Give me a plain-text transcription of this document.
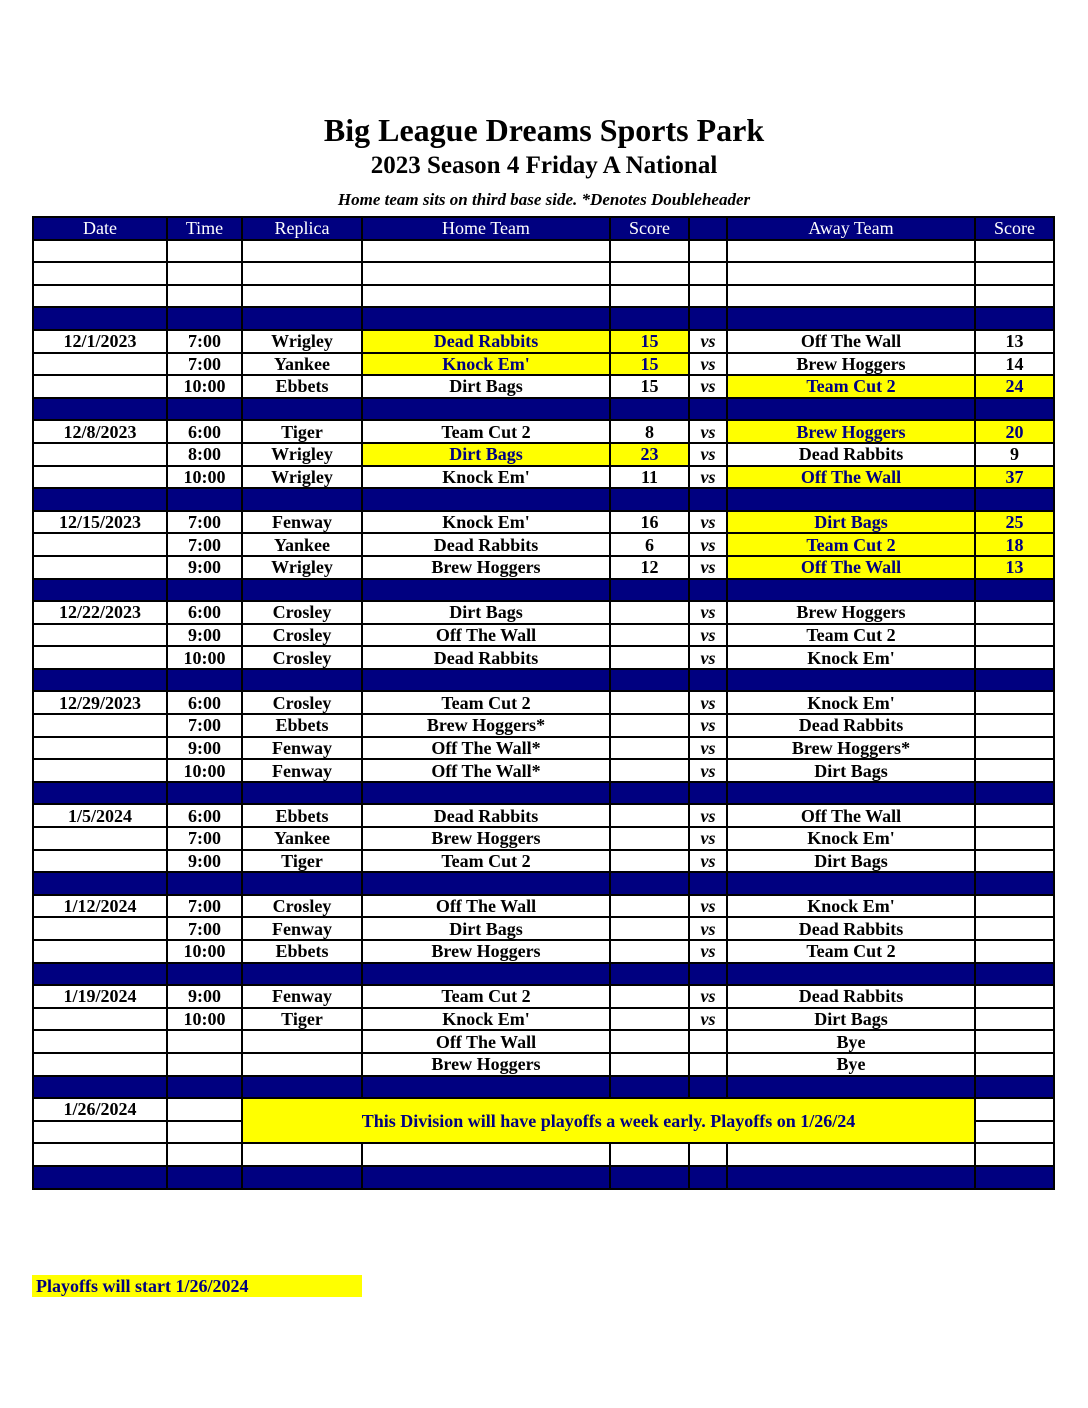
Big League Dreams Sports Park
2023 Season 4 Friday A National
Home team sits on third base side. *Denotes Doubleheader
Date	Time	Replica	Home Team	Score		Away Team	Score

12/1/2023	7:00	Wrigley	Dead Rabbits	15	vs	Off The Wall	13
	7:00	Yankee	Knock Em'	15	vs	Brew Hoggers	14
	10:00	Ebbets	Dirt Bags	15	vs	Team Cut 2	24

12/8/2023	6:00	Tiger	Team Cut 2	8	vs	Brew Hoggers	20
	8:00	Wrigley	Dirt Bags	23	vs	Dead Rabbits	9
	10:00	Wrigley	Knock Em'	11	vs	Off The Wall	37

12/15/2023	7:00	Fenway	Knock Em'	16	vs	Dirt Bags	25
	7:00	Yankee	Dead Rabbits	6	vs	Team Cut 2	18
	9:00	Wrigley	Brew Hoggers	12	vs	Off The Wall	13

12/22/2023	6:00	Crosley	Dirt Bags		vs	Brew Hoggers	
	9:00	Crosley	Off The Wall		vs	Team Cut 2	
	10:00	Crosley	Dead Rabbits		vs	Knock Em'	

12/29/2023	6:00	Crosley	Team Cut 2		vs	Knock Em'	
	7:00	Ebbets	Brew Hoggers*		vs	Dead Rabbits	
	9:00	Fenway	Off The Wall*		vs	Brew Hoggers*	
	10:00	Fenway	Off The Wall*		vs	Dirt Bags	

1/5/2024	6:00	Ebbets	Dead Rabbits		vs	Off The Wall	
	7:00	Yankee	Brew Hoggers		vs	Knock Em'	
	9:00	Tiger	Team Cut 2		vs	Dirt Bags	

1/12/2024	7:00	Crosley	Off The Wall		vs	Knock Em'	
	7:00	Fenway	Dirt Bags		vs	Dead Rabbits	
	10:00	Ebbets	Brew Hoggers		vs	Team Cut 2	

1/19/2024	9:00	Fenway	Team Cut 2		vs	Dead Rabbits	
	10:00	Tiger	Knock Em'		vs	Dirt Bags	
			Off The Wall			Bye	
			Brew Hoggers			Bye	

1/26/2024		This Division will have playoffs a week early. Playoffs on 1/26/24					

Playoffs will start 1/26/2024
